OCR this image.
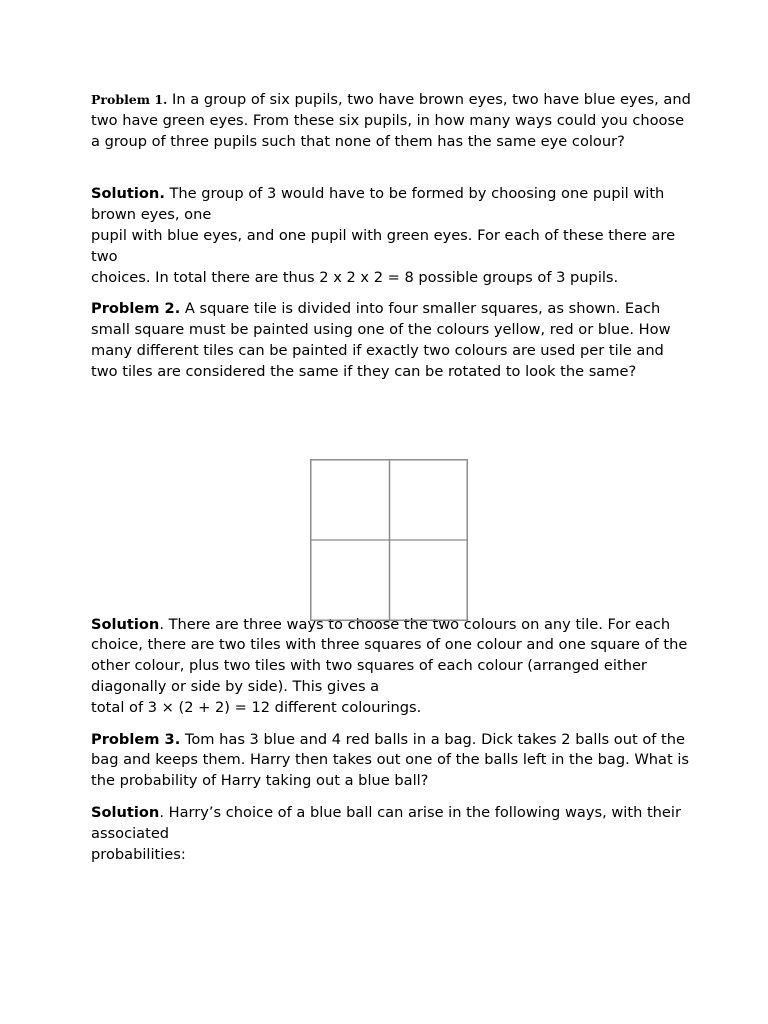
Problem 1. In a group of six pupils, two have brown eyes, two have blue eyes, and two have green eyes. From these six pupils, in how many ways could you choose a group of three pupils such that none of them has the same eye colour?

Solution. The group of 3 would have to be formed by choosing one pupil with brown eyes, one
pupil with blue eyes, and one pupil with green eyes. For each of these there are two
choices. In total there are thus 2 x 2 x 2 = 8 possible groups of 3 pupils.

Problem 2. A square tile is divided into four smaller squares, as shown. Each small square must be painted using one of the colours yellow, red or blue. How many different tiles can be painted if exactly two colours are used per tile and two tiles are considered the same if they can be rotated to look the same?

Solution. There are three ways to choose the two colours on any tile. For each choice, there are two tiles with three squares of one colour and one square of the other colour, plus two tiles with two squares of each colour (arranged either diagonally or side by side). This gives a
total of 3 × (2 + 2) = 12 different colourings.

Problem 3. Tom has 3 blue and 4 red balls in a bag. Dick takes 2 balls out of the bag and keeps them. Harry then takes out one of the balls left in the bag. What is the probability of Harry taking out a blue ball?

Solution. Harry’s choice of a blue ball can arise in the following ways, with their associated
probabilities:
